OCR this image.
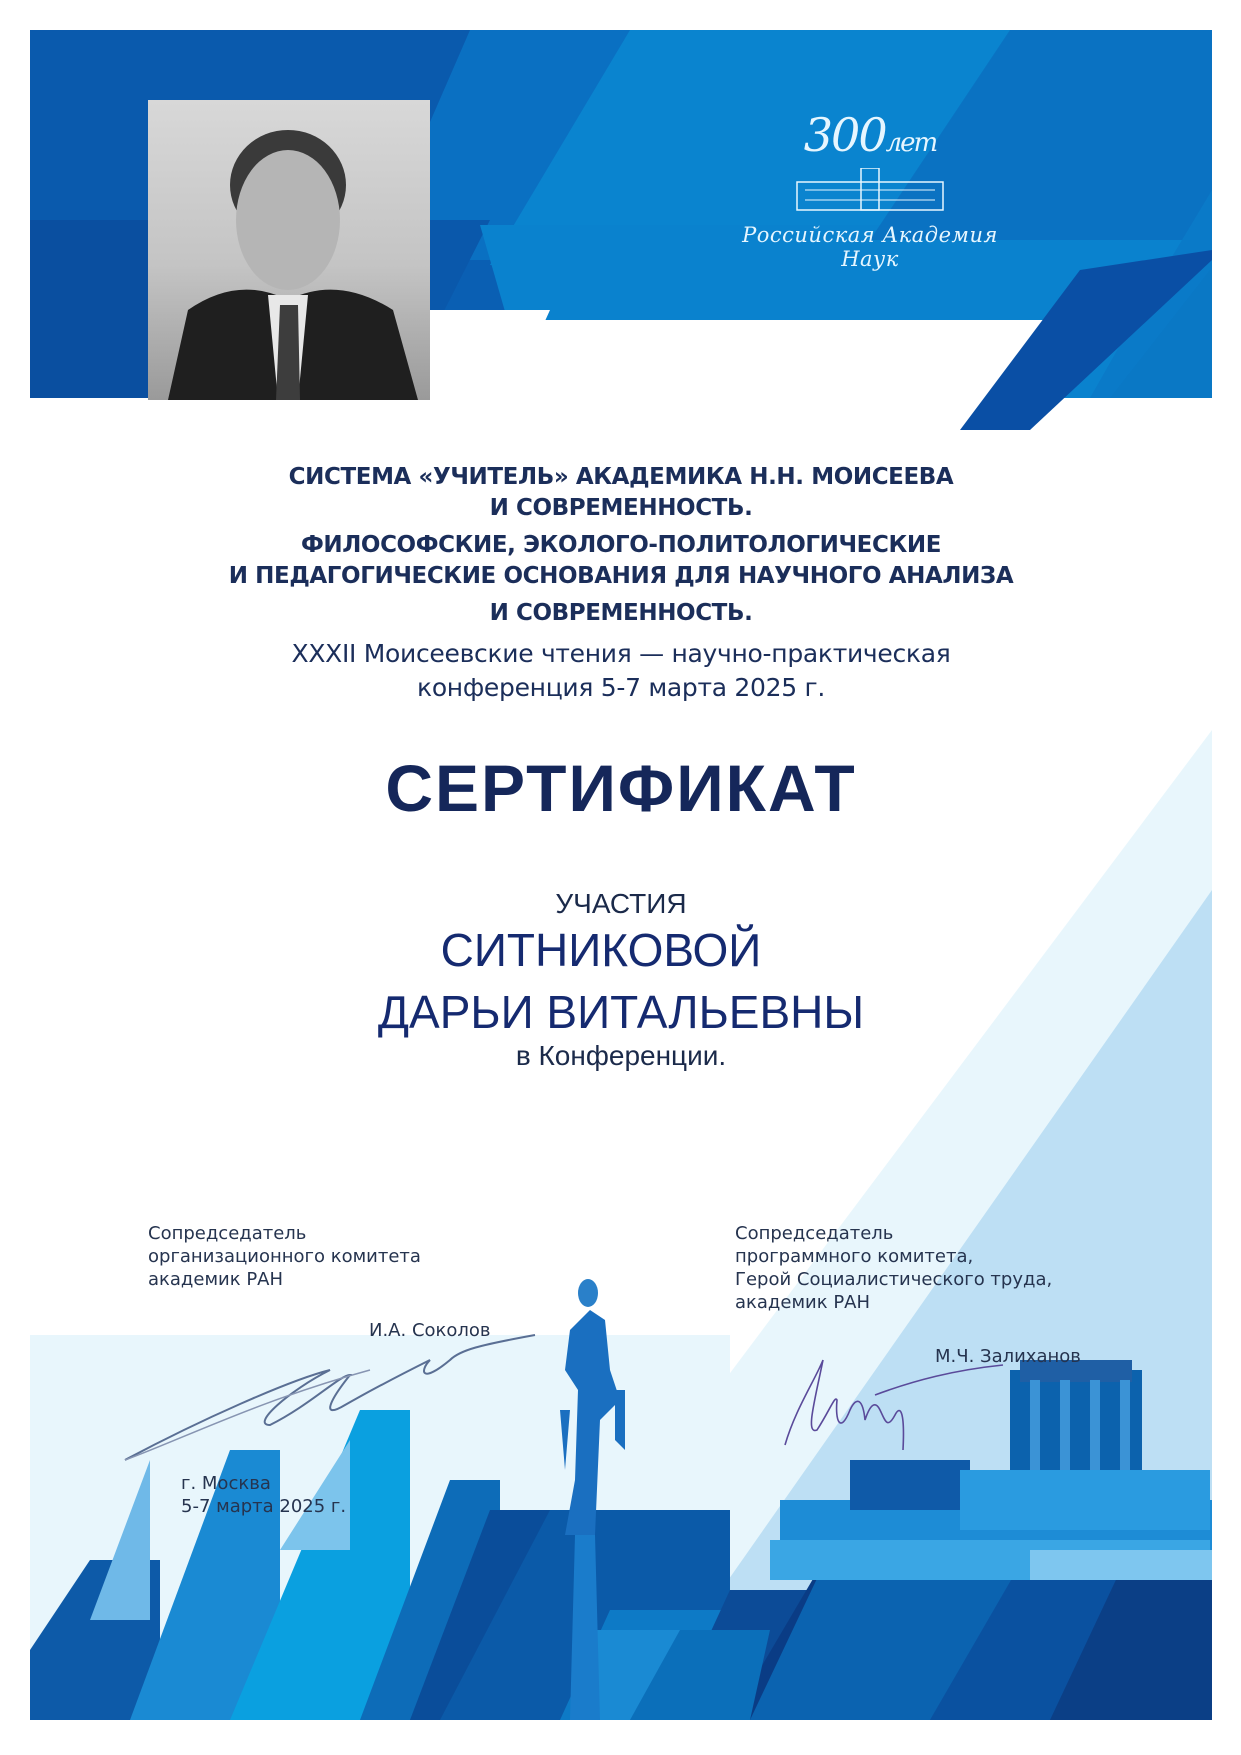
300лет
Российская Академия Наук
СИСТЕМА «УЧИТЕЛЬ» АКАДЕМИКА Н.Н. МОИСЕЕВА
И СОВРЕМЕННОСТЬ.
ФИЛОСОФСКИЕ, ЭКОЛОГО-ПОЛИТОЛОГИЧЕСКИЕ
И ПЕДАГОГИЧЕСКИЕ ОСНОВАНИЯ ДЛЯ НАУЧНОГО АНАЛИЗА
И СОВРЕМЕННОСТЬ.
XXXII Моисеевские чтения — научно-практическая
конференция 5-7 марта 2025 г.
СЕРТИФИКАТ
УЧАСТИЯ
СИТНИКОВОЙ
ДАРЬИ ВИТАЛЬЕВНЫ
в Конференции.
Сопредседатель
организационного комитета
академик РАН
И.А. Соколов
Сопредседатель
программного комитета,
Герой Социалистического труда,
академик РАН
М.Ч. Залиханов
г. Москва
5-7 марта 2025 г.
